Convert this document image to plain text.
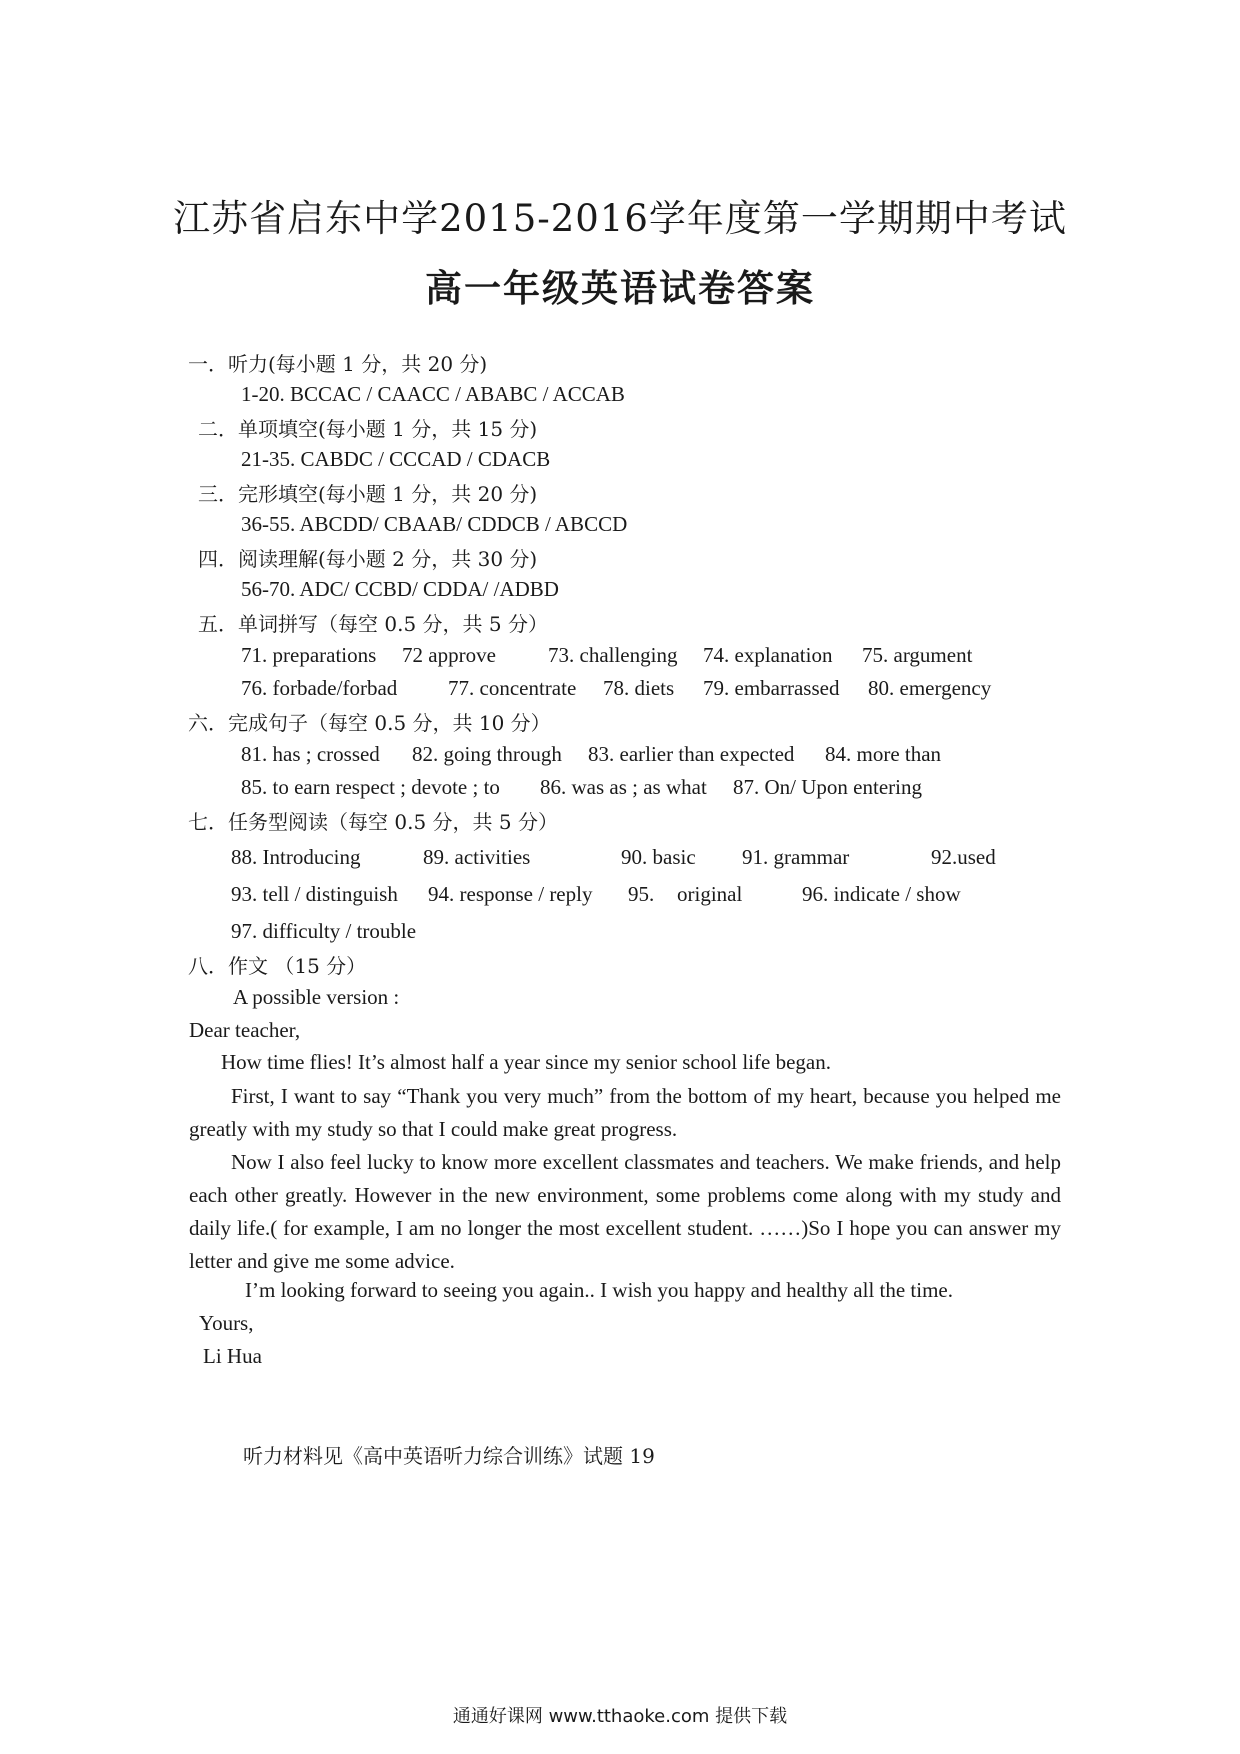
江苏省启东中学2015-2016学年度第一学期期中考试
高一年级英语试卷答案
一．听力(每小题 1 分，共 20 分)
1-20. BCCAC / CAACC / ABABC / ACCAB
二．单项填空(每小题 1 分，共 15 分)
21-35. CABDC / CCCAD / CDACB
三．完形填空(每小题 1 分，共 20 分)
36-55. ABCDD/ CBAAB/ CDDCB / ABCCD
四．阅读理解(每小题 2 分，共 30 分)
56-70. ADC/ CCBD/ CDDA/ /ADBD
五．单词拼写（每空 0.5 分，共 5 分）
71. preparations 72 approve 73. challenging 74. explanation 75. argument
76. forbade/forbad 77. concentrate 78. diets 79. embarrassed 80. emergency
六．完成句子（每空 0.5 分，共 10 分）
81. has ; crossed 82. going through 83. earlier than expected 84. more than
85. to earn respect ; devote ; to 86. was as ; as what 87. On/ Upon entering
七．任务型阅读（每空 0.5 分，共 5 分）
88. Introducing	89. activities	90. basic 91. grammar	92.used
93. tell / distinguish 94. response / reply 95. original	96. indicate / show
97. difficulty / trouble
八．作文 （15 分）
A possible version :
Dear teacher,
How time flies! It’s almost half a year since my senior school life began.
First, I want to say “Thank you very much” from the bottom of my heart, because you helped me greatly with my study so that I could make great progress.
Now I also feel lucky to know more excellent classmates and teachers. We make friends, and help each other greatly. However in the new environment, some problems come along with my study and daily life.( for example, I am no longer the most excellent student. ……)So I hope you can answer my letter and give me some advice.
I’m looking forward to seeing you again.. I wish you happy and healthy all the time.
Yours,
Li Hua
听力材料见《高中英语听力综合训练》试题 19
通通好课网 www.tthaoke.com 提供下载
